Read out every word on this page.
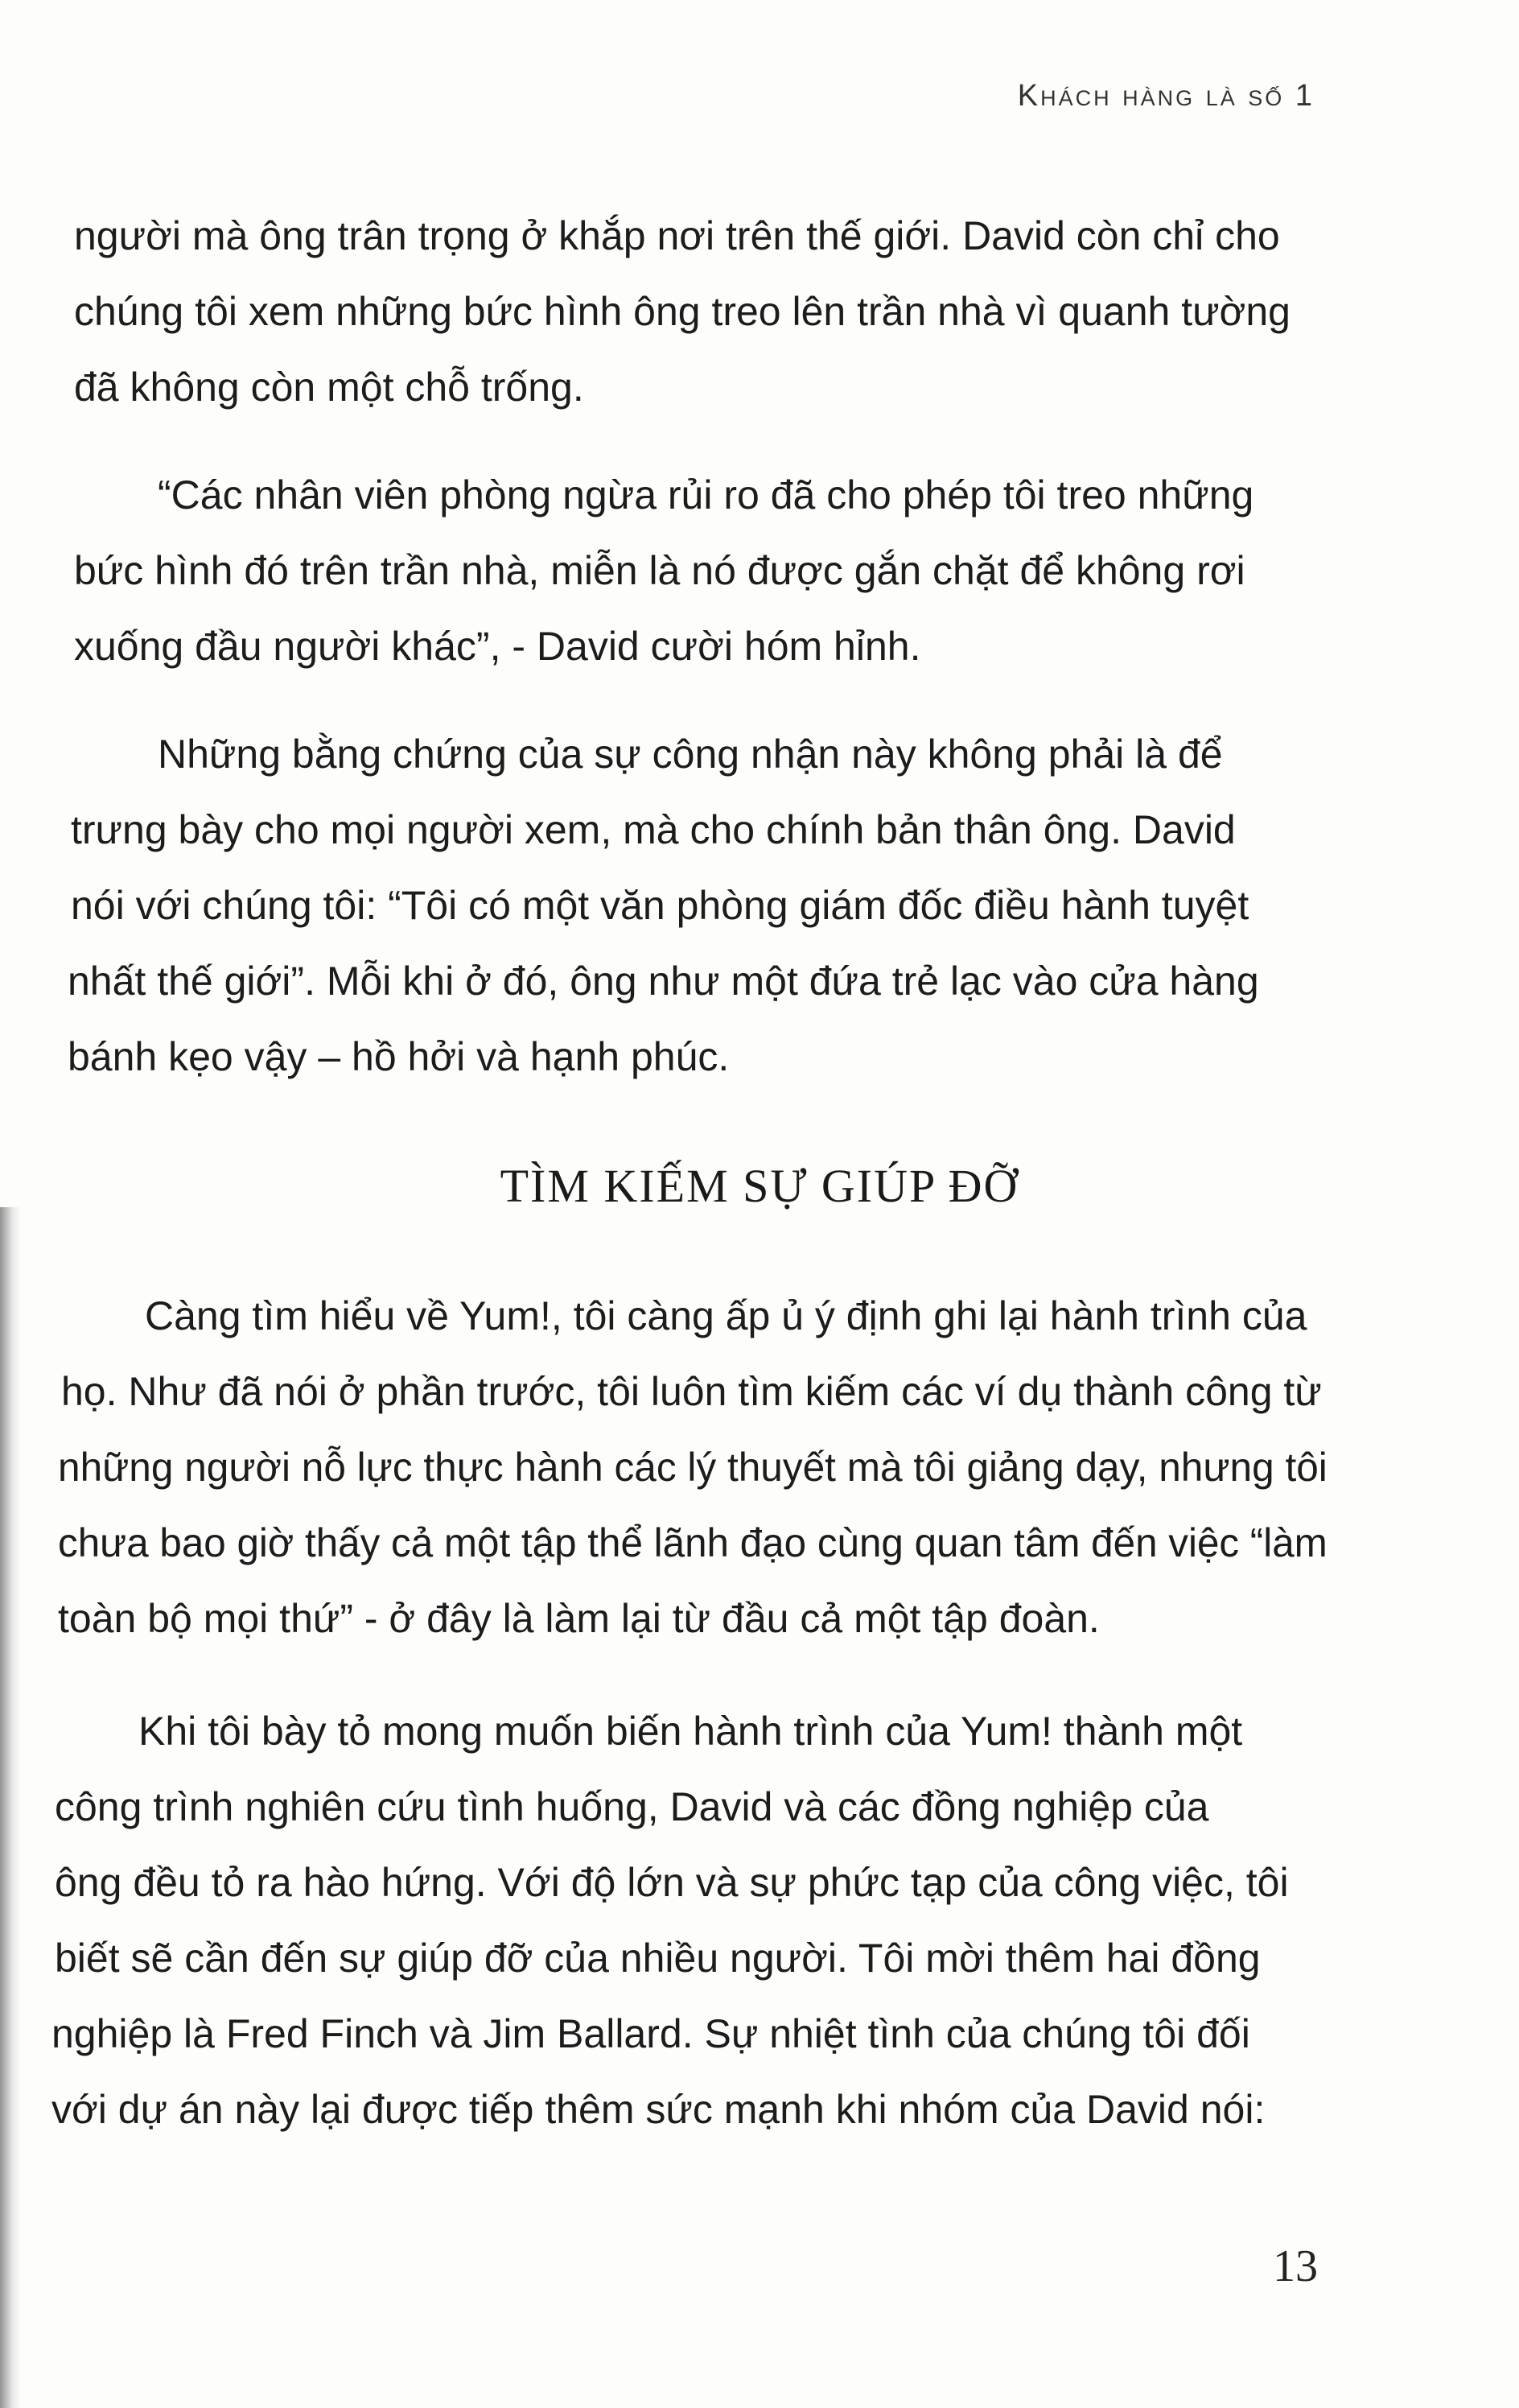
Khách hàng là số 1
người mà ông trân trọng ở khắp nơi trên thế giới. David còn chỉ cho
chúng tôi xem những bức hình ông treo lên trần nhà vì quanh tường
đã không còn một chỗ trống.
“Các nhân viên phòng ngừa rủi ro đã cho phép tôi treo những
bức hình đó trên trần nhà, miễn là nó được gắn chặt để không rơi
xuống đầu người khác”, - David cười hóm hỉnh.
Những bằng chứng của sự công nhận này không phải là để
trưng bày cho mọi người xem, mà cho chính bản thân ông. David
nói với chúng tôi: “Tôi có một văn phòng giám đốc điều hành tuyệt
nhất thế giới”. Mỗi khi ở đó, ông như một đứa trẻ lạc vào cửa hàng
bánh kẹo vậy – hồ hởi và hạnh phúc.
TÌM KIẾM SỰ GIÚP ĐỠ
Càng tìm hiểu về Yum!, tôi càng ấp ủ ý định ghi lại hành trình của
họ. Như đã nói ở phần trước, tôi luôn tìm kiếm các ví dụ thành công từ
những người nỗ lực thực hành các lý thuyết mà tôi giảng dạy, nhưng tôi
chưa bao giờ thấy cả một tập thể lãnh đạo cùng quan tâm đến việc “làm
toàn bộ mọi thứ” - ở đây là làm lại từ đầu cả một tập đoàn.
Khi tôi bày tỏ mong muốn biến hành trình của Yum! thành một
công trình nghiên cứu tình huống, David và các đồng nghiệp của
ông đều tỏ ra hào hứng. Với độ lớn và sự phức tạp của công việc, tôi
biết sẽ cần đến sự giúp đỡ của nhiều người. Tôi mời thêm hai đồng
nghiệp là Fred Finch và Jim Ballard. Sự nhiệt tình của chúng tôi đối
với dự án này lại được tiếp thêm sức mạnh khi nhóm của David nói:
13
